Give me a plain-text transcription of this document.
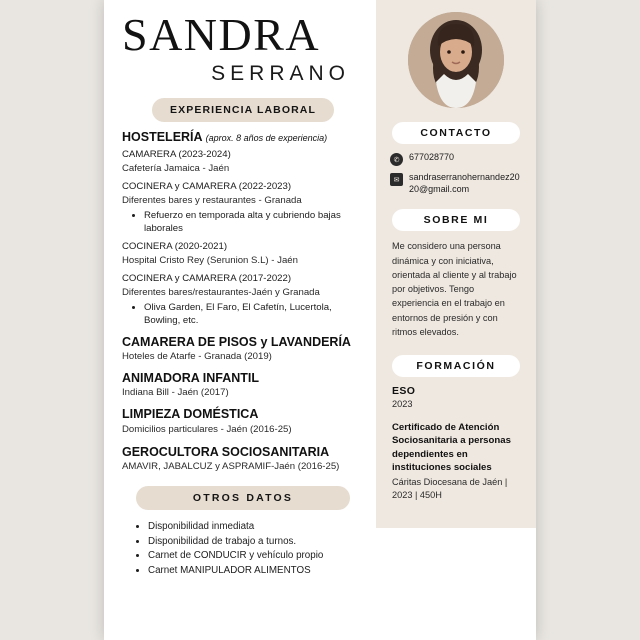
SANDRA
SERRANO
EXPERIENCIA LABORAL
HOSTELERÍA (aprox. 8 años de experiencia)
CAMARERA (2023-2024)
Cafetería Jamaica - Jaén
COCINERA y CAMARERA (2022-2023)
Diferentes bares y restaurantes - Granada
• Refuerzo en temporada alta y cubriendo bajas laborales
COCINERA (2020-2021)
Hospital Cristo Rey (Serunion S.L) - Jaén
COCINERA y CAMARERA (2017-2022)
Diferentes bares/restaurantes-Jaén y Granada
• Oliva Garden, El Faro, El Cafetín, Lucertola, Bowling, etc.
CAMARERA DE PISOS y LAVANDERÍA
Hoteles de Atarfe - Granada (2019)
ANIMADORA INFANTIL
Indiana Bill - Jaén (2017)
LIMPIEZA DOMÉSTICA
Domicilios particulares - Jaén (2016-25)
GEROCULTORA SOCIOSANITARIA
AMAVIR, JABALCUZ y ASPRAMIF-Jaén (2016-25)
OTROS DATOS
• Disponibilidad inmediata
• Disponibilidad de trabajo a turnos.
• Carnet de CONDUCIR y vehículo propio
• Carnet MANIPULADOR ALIMENTOS
CONTACTO
✆	677028770
✉	sandraserranohernandez2020@gmail.com
SOBRE MI
Me considero una persona dinámica y con iniciativa, orientada al cliente y al trabajo por objetivos. Tengo experiencia en el trabajo en entornos de presión y con ritmos elevados.
FORMACIÓN
ESO
2023
Certificado de Atención Sociosanitaria a personas dependientes en instituciones sociales
Cáritas Diocesana de Jaén | 2023 | 450H
